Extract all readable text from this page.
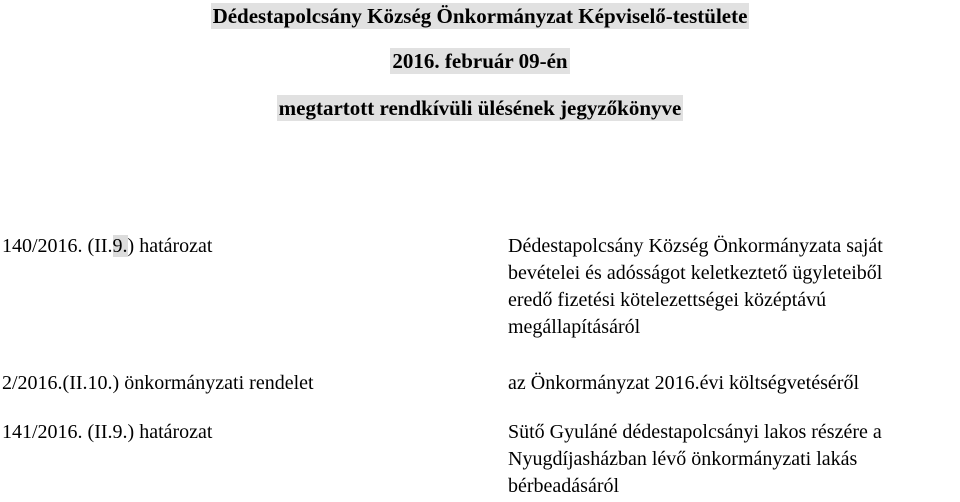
Dédestapolcsány Község Önkormányzat Képviselő-testülete
2016. február 09-én
megtartott rendkívüli ülésének jegyzőkönyve
140/2016. (II.9.) határozat	Dédestapolcsány Község Önkormányzata saját
bevételei és adósságot keletkeztető ügyleteiből
eredő fizetési kötelezettségei középtávú
megállapításáról
2/2016.(II.10.) önkormányzati rendelet	az Önkormányzat 2016.évi költségvetéséről
141/2016. (II.9.) határozat	Sütő Gyuláné dédestapolcsányi lakos részére a
Nyugdíjasházban lévő önkormányzati lakás
bérbeadásáról
